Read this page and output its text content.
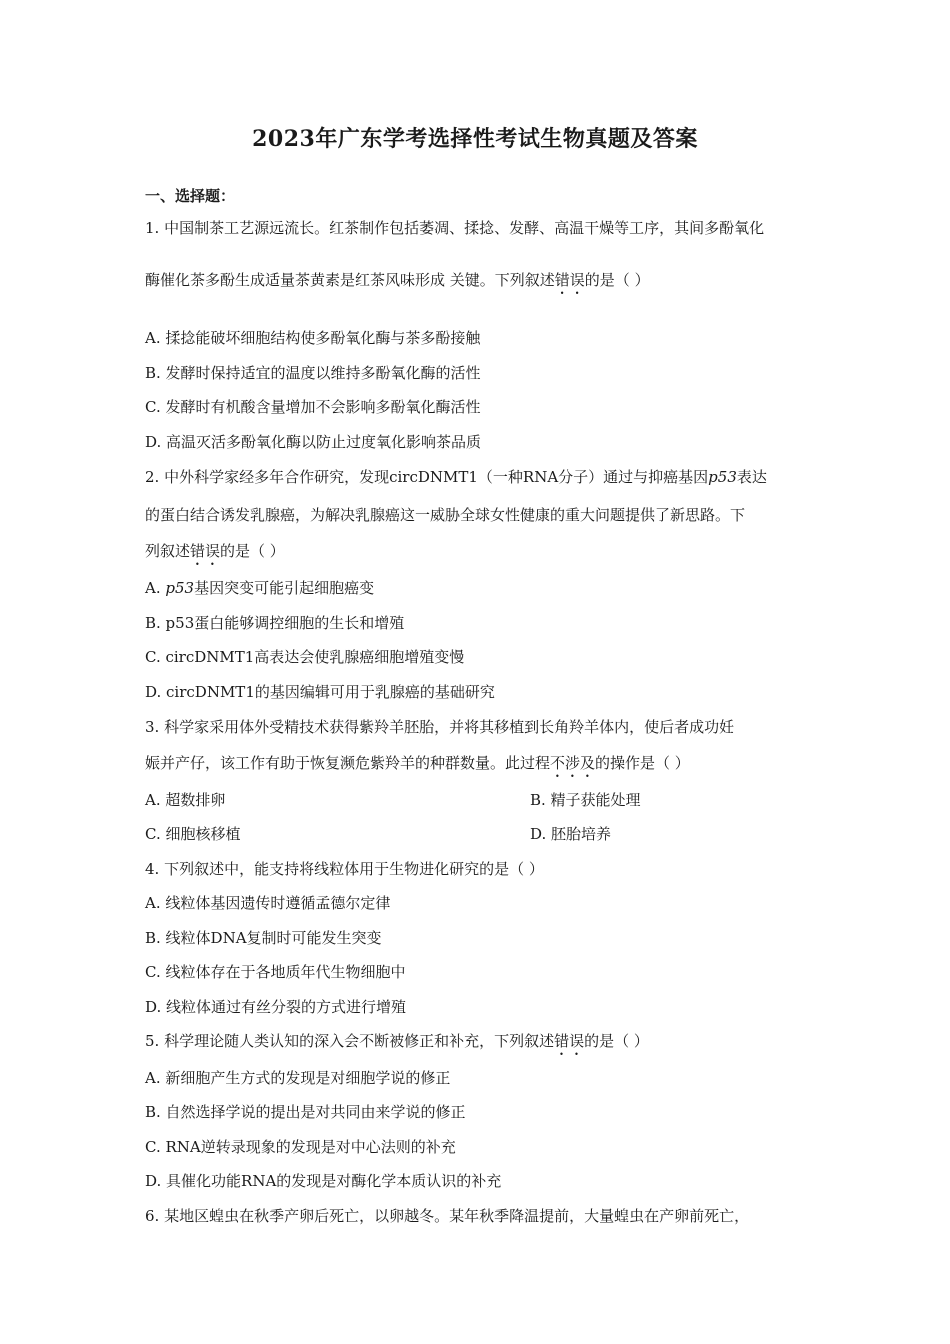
2023年广东学考选择性考试生物真题及答案
一、选择题：
1. 中国制茶工艺源远流长。红茶制作包括萎凋、揉捻、发酵、高温干燥等工序，其间多酚氧化
酶催化茶多酚生成适量茶黄素是红茶风味形成 关键。下列叙述错误的是（ ）
A. 揉捻能破坏细胞结构使多酚氧化酶与茶多酚接触
B. 发酵时保持适宜的温度以维持多酚氧化酶的活性
C. 发酵时有机酸含量增加不会影响多酚氧化酶活性
D. 高温灭活多酚氧化酶以防止过度氧化影响茶品质
2. 中外科学家经多年合作研究，发现circDNMT1（一种RNA分子）通过与抑癌基因p53表达
的蛋白结合诱发乳腺癌，为解决乳腺癌这一威胁全球女性健康的重大问题提供了新思路。下
列叙述错误的是（ ）
A. p53基因突变可能引起细胞癌变
B. p53蛋白能够调控细胞的生长和增殖
C. circDNMT1高表达会使乳腺癌细胞增殖变慢
D. circDNMT1的基因编辑可用于乳腺癌的基础研究
3. 科学家采用体外受精技术获得紫羚羊胚胎，并将其移植到长角羚羊体内，使后者成功妊
娠并产仔，该工作有助于恢复濒危紫羚羊的种群数量。此过程不涉及的操作是（ ）
A. 超数排卵	B. 精子获能处理
C. 细胞核移植	D. 胚胎培养
4. 下列叙述中，能支持将线粒体用于生物进化研究的是（ ）
A. 线粒体基因遗传时遵循孟德尔定律
B. 线粒体DNA复制时可能发生突变
C. 线粒体存在于各地质年代生物细胞中
D. 线粒体通过有丝分裂的方式进行增殖
5. 科学理论随人类认知的深入会不断被修正和补充，下列叙述错误的是（ ）
A. 新细胞产生方式的发现是对细胞学说的修正
B. 自然选择学说的提出是对共同由来学说的修正
C. RNA逆转录现象的发现是对中心法则的补充
D. 具催化功能RNA的发现是对酶化学本质认识的补充
6. 某地区蝗虫在秋季产卵后死亡，以卵越冬。某年秋季降温提前，大量蝗虫在产卵前死亡，
